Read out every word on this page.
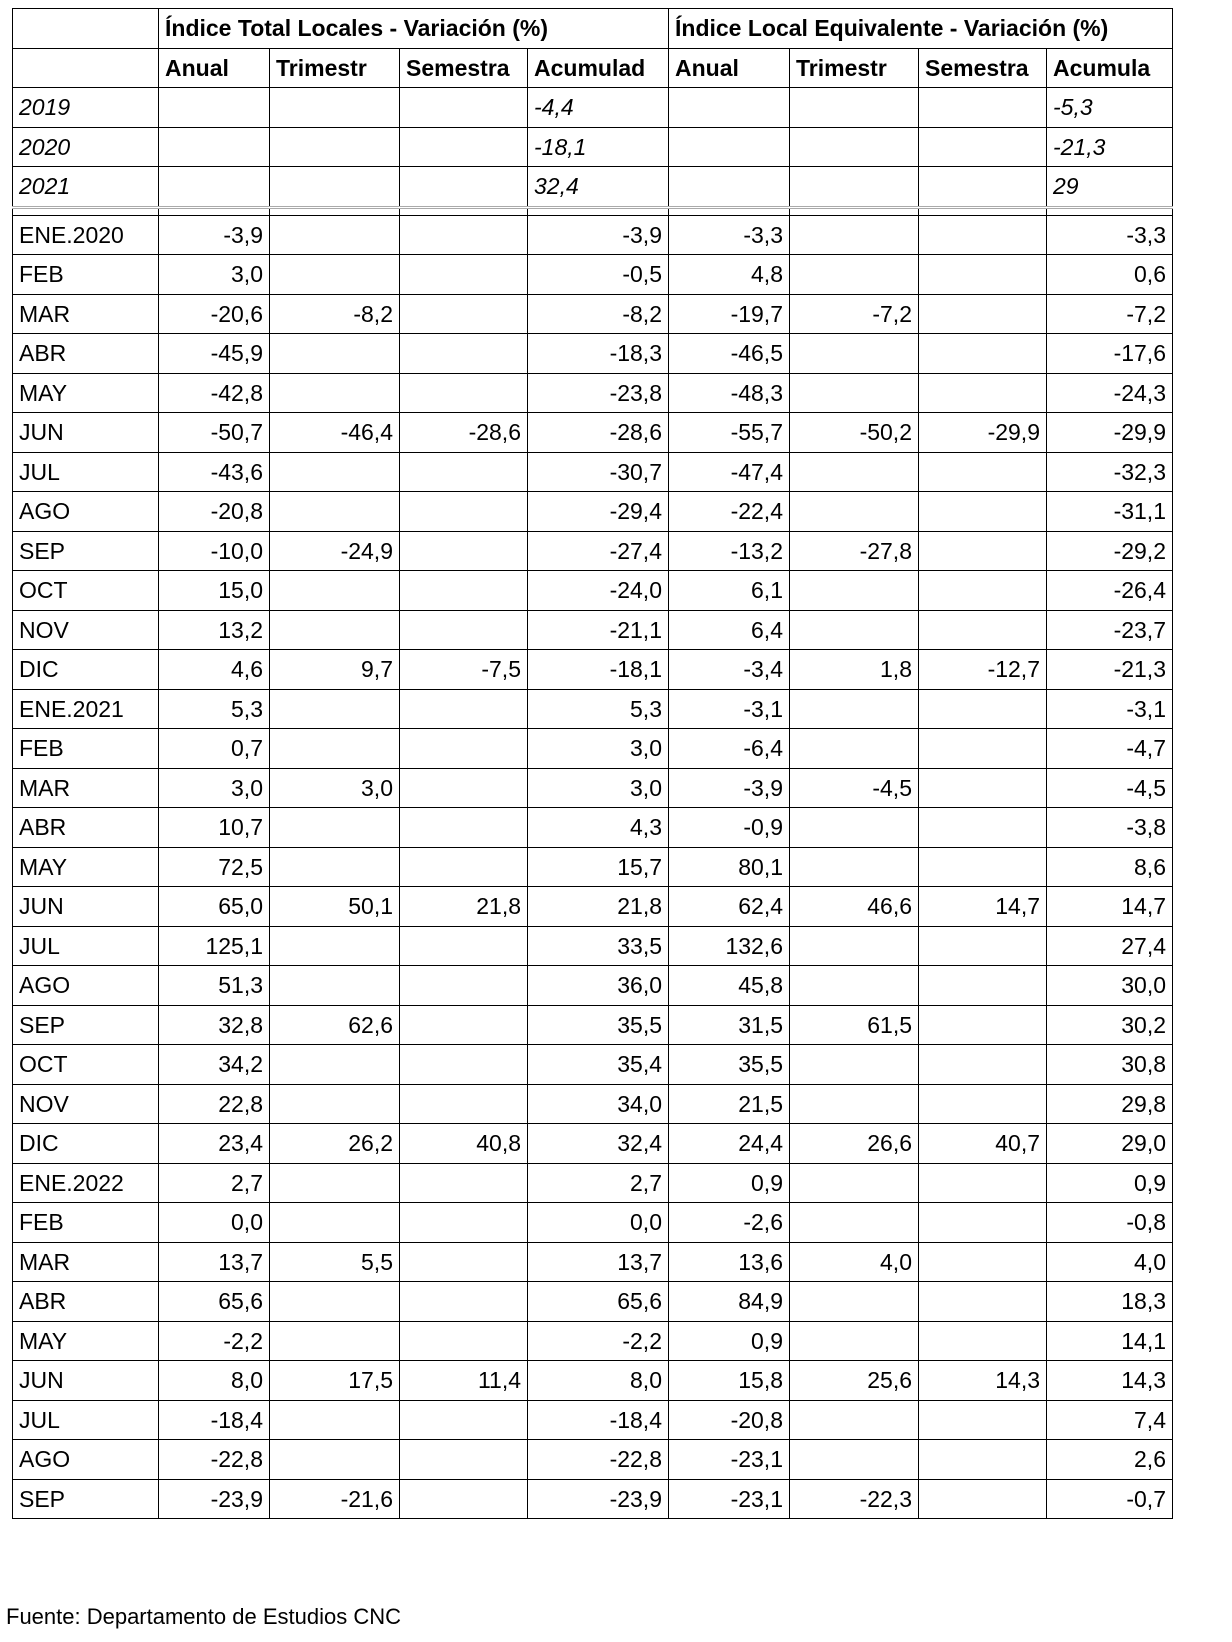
	Índice Total Locales - Variación (%)				Índice Local Equivalente - Variación (%)			
	Anual	Trimestr	Semestra	Acumulad	Anual	Trimestr	Semestra	Acumula
2019				-4,4				-5,3
2020				-18,1				-21,3
2021				32,4				29

ENE.2020	-3,9			-3,9	-3,3			-3,3
FEB	3,0			-0,5	4,8			0,6
MAR	-20,6	-8,2		-8,2	-19,7	-7,2		-7,2
ABR	-45,9			-18,3	-46,5			-17,6
MAY	-42,8			-23,8	-48,3			-24,3
JUN	-50,7	-46,4	-28,6	-28,6	-55,7	-50,2	-29,9	-29,9
JUL	-43,6			-30,7	-47,4			-32,3
AGO	-20,8			-29,4	-22,4			-31,1
SEP	-10,0	-24,9		-27,4	-13,2	-27,8		-29,2
OCT	15,0			-24,0	6,1			-26,4
NOV	13,2			-21,1	6,4			-23,7
DIC	4,6	9,7	-7,5	-18,1	-3,4	1,8	-12,7	-21,3
ENE.2021	5,3			5,3	-3,1			-3,1
FEB	0,7			3,0	-6,4			-4,7
MAR	3,0	3,0		3,0	-3,9	-4,5		-4,5
ABR	10,7			4,3	-0,9			-3,8
MAY	72,5			15,7	80,1			8,6
JUN	65,0	50,1	21,8	21,8	62,4	46,6	14,7	14,7
JUL	125,1			33,5	132,6			27,4
AGO	51,3			36,0	45,8			30,0
SEP	32,8	62,6		35,5	31,5	61,5		30,2
OCT	34,2			35,4	35,5			30,8
NOV	22,8			34,0	21,5			29,8
DIC	23,4	26,2	40,8	32,4	24,4	26,6	40,7	29,0
ENE.2022	2,7			2,7	0,9			0,9
FEB	0,0			0,0	-2,6			-0,8
MAR	13,7	5,5		13,7	13,6	4,0		4,0
ABR	65,6			65,6	84,9			18,3
MAY	-2,2			-2,2	0,9			14,1
JUN	8,0	17,5	11,4	8,0	15,8	25,6	14,3	14,3
JUL	-18,4			-18,4	-20,8			7,4
AGO	-22,8			-22,8	-23,1			2,6
SEP	-23,9	-21,6		-23,9	-23,1	-22,3		-0,7
Fuente: Departamento de Estudios CNC
